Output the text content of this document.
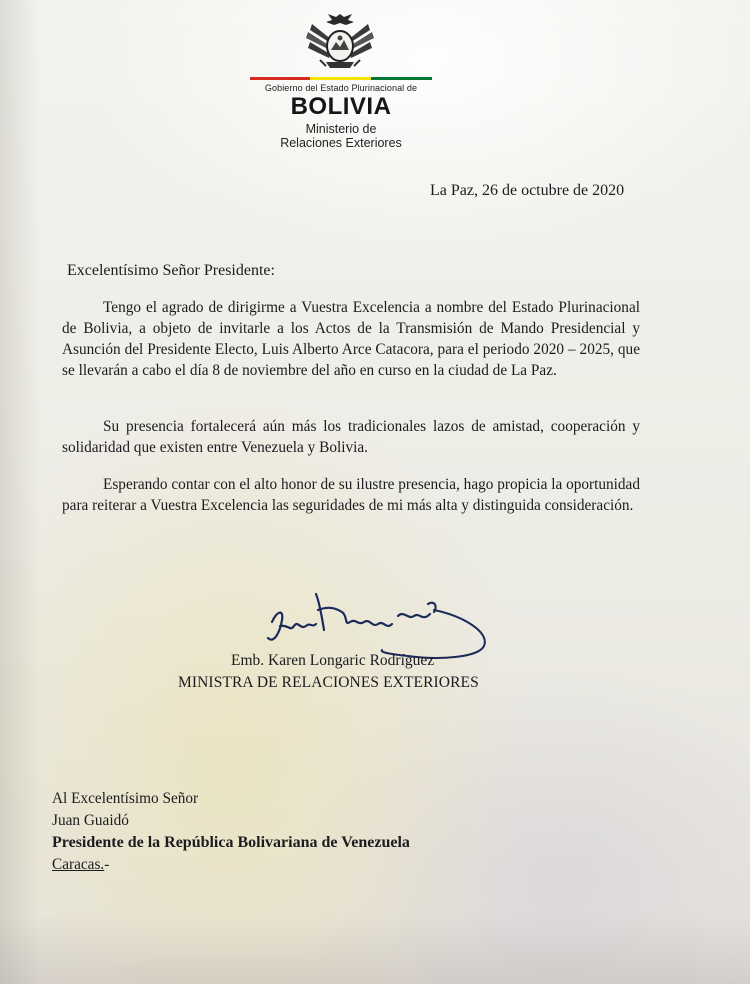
Gobierno del Estado Plurinacional de
BOLIVIA
Ministerio de
Relaciones Exteriores
La Paz, 26 de octubre de 2020
Excelentísimo Señor Presidente:
Tengo el agrado de dirigirme a Vuestra Excelencia a nombre del Estado Plurinacional de Bolivia, a objeto de invitarle a los Actos de la Transmisión de Mando Presidencial y Asunción del Presidente Electo, Luis Alberto Arce Catacora, para el periodo 2020 – 2025, que se llevarán a cabo el día 8 de noviembre del año en curso en la ciudad de La Paz.
Su presencia fortalecerá aún más los tradicionales lazos de amistad, cooperación y solidaridad que existen entre Venezuela y Bolivia.
Esperando contar con el alto honor de su ilustre presencia, hago propicia la oportunidad para reiterar a Vuestra Excelencia las seguridades de mi más alta y distinguida consideración.
Emb. Karen Longaric Rodríguez
MINISTRA DE RELACIONES EXTERIORES
Al Excelentísimo Señor
Juan Guaidó
Presidente de la República Bolivariana de Venezuela
Caracas.-
